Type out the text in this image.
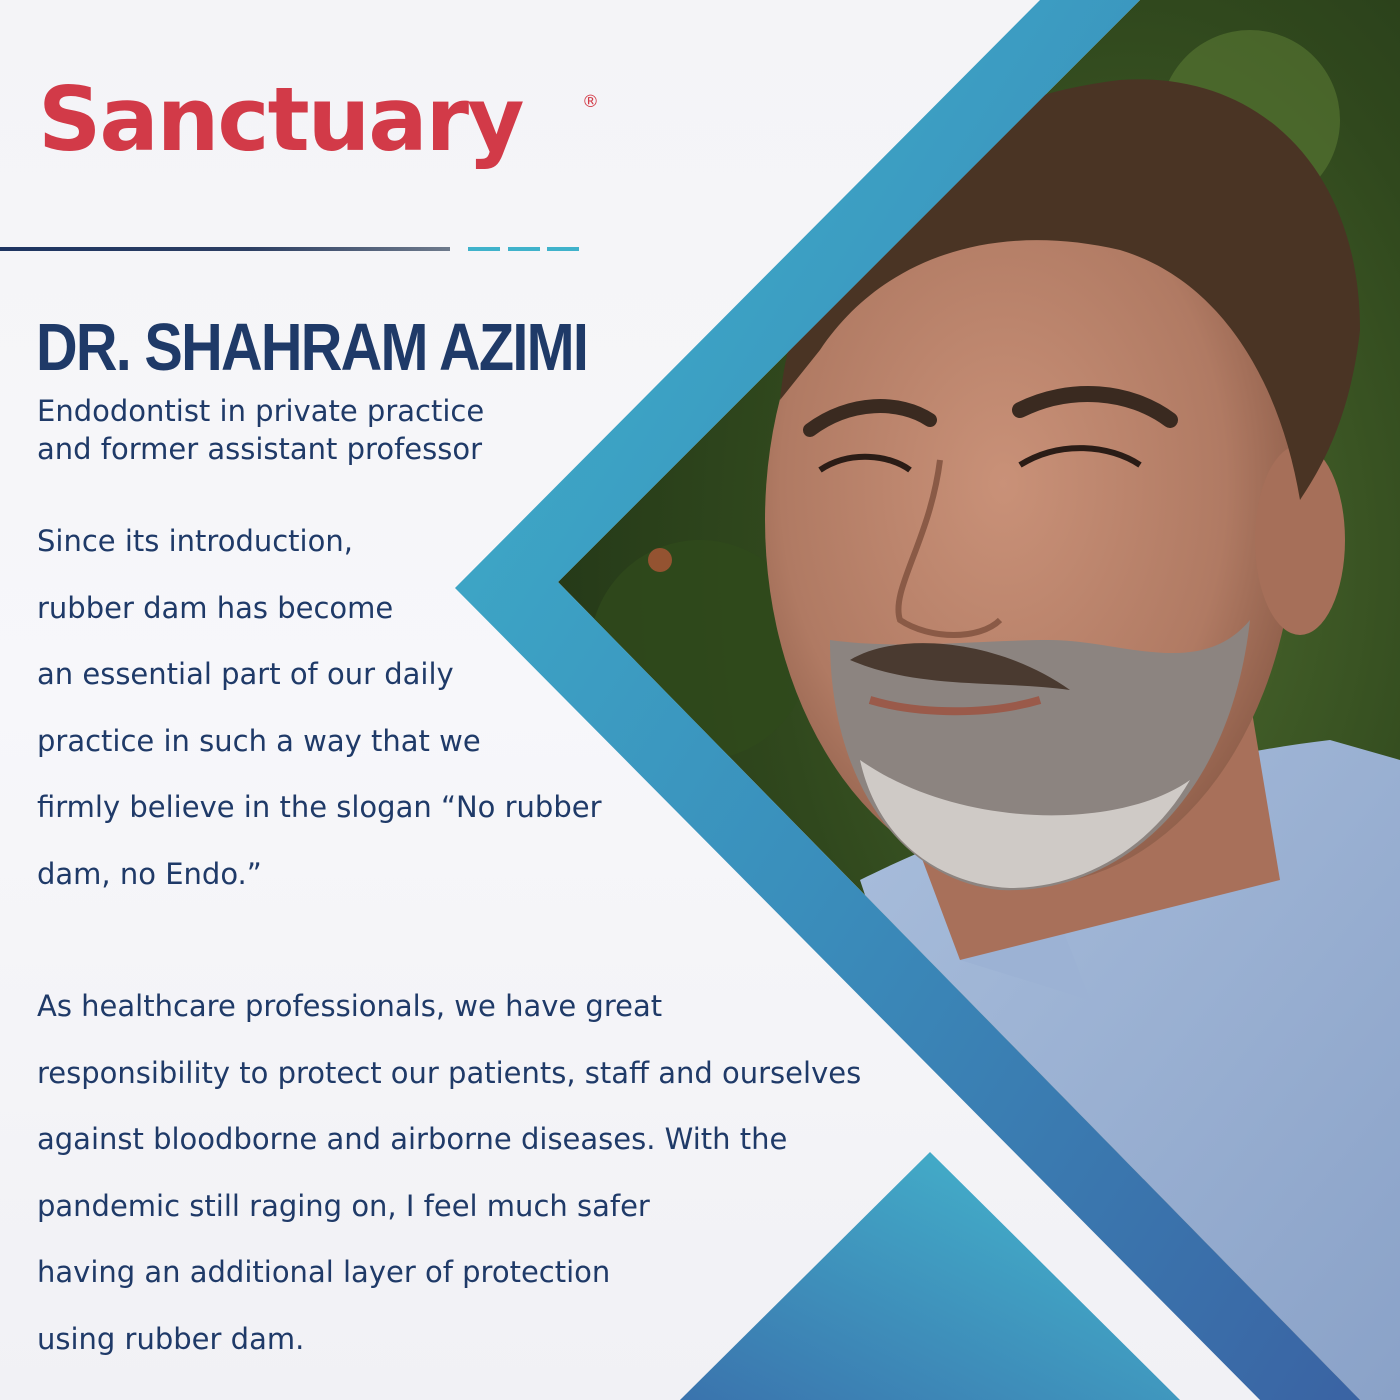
Sanctuary	®
DR. SHAHRAM AZIMI
Endodontist in private practice
and former assistant professor
Since its introduction,
rubber dam has become
an essential part of our daily
practice in such a way that we
firmly believe in the slogan “No rubber
dam, no Endo.”
As healthcare professionals, we have great
responsibility to protect our patients, staff and ourselves
against bloodborne and airborne diseases. With the
pandemic still raging on, I feel much safer
having an additional layer of protection
using rubber dam.
